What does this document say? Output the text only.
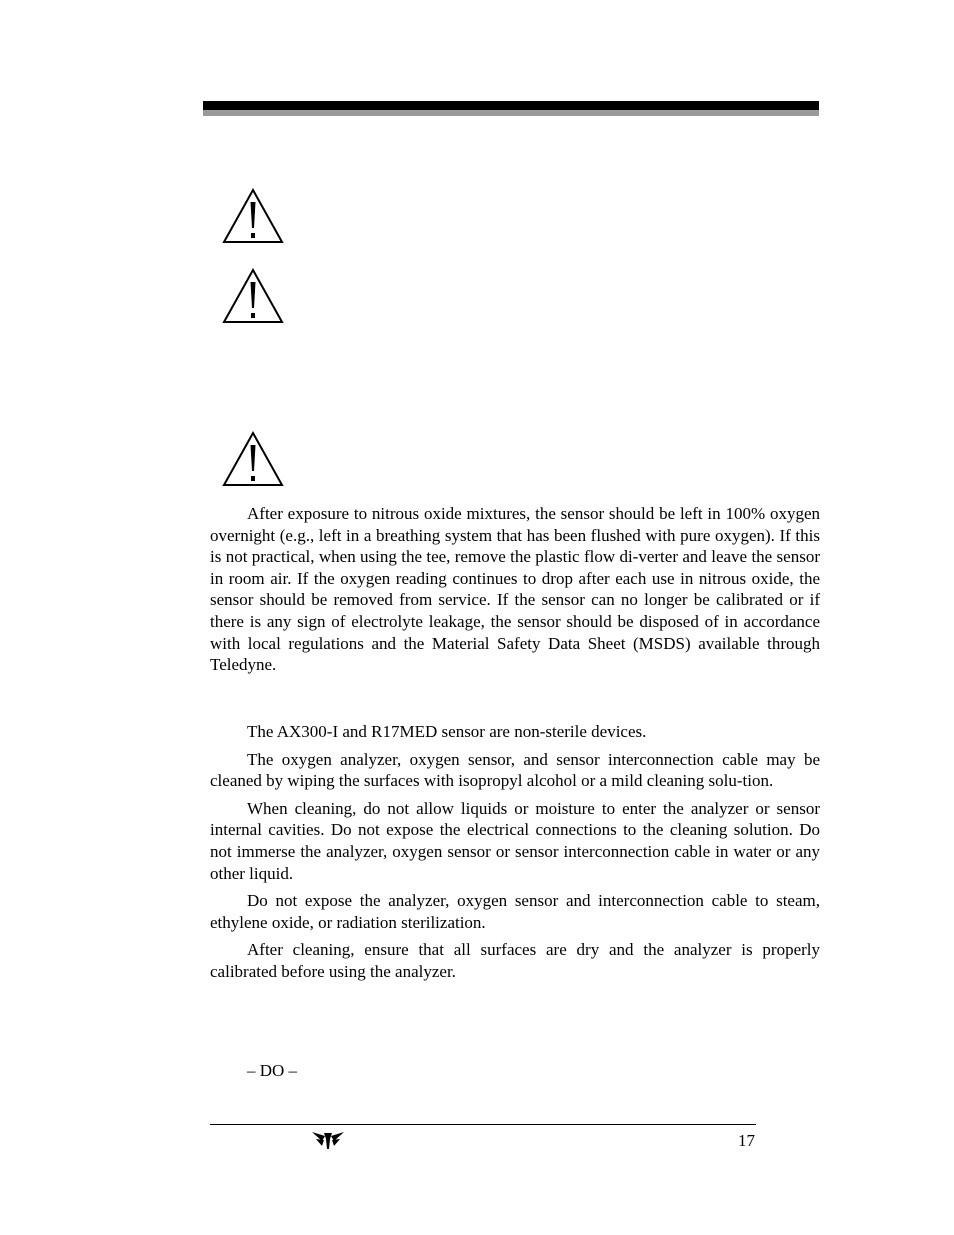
After exposure to nitrous oxide mixtures, the sensor should be left in 100% oxygen overnight (e.g., left in a breathing system that has been flushed with pure oxygen). If this is not practical, when using the tee, remove the plastic flow di-verter and leave the sensor in room air. If the oxygen reading continues to drop after each use in nitrous oxide, the sensor should be removed from service. If the sensor can no longer be calibrated or if there is any sign of electrolyte leakage, the sensor should be disposed of in accordance with local regulations and the Material Safety Data Sheet (MSDS) available through Teledyne.

The AX300-I and R17MED sensor are non-sterile devices.

The oxygen analyzer, oxygen sensor, and sensor interconnection cable may be cleaned by wiping the surfaces with isopropyl alcohol or a mild cleaning solu-tion.

When cleaning, do not allow liquids or moisture to enter the analyzer or sensor internal cavities. Do not expose the electrical connections to the cleaning solution. Do not immerse the analyzer, oxygen sensor or sensor interconnection cable in water or any other liquid.

Do not expose the analyzer, oxygen sensor and interconnection cable to steam, ethylene oxide, or radiation sterilization.

After cleaning, ensure that all surfaces are dry and the analyzer is properly calibrated before using the analyzer.

– DO –
17
